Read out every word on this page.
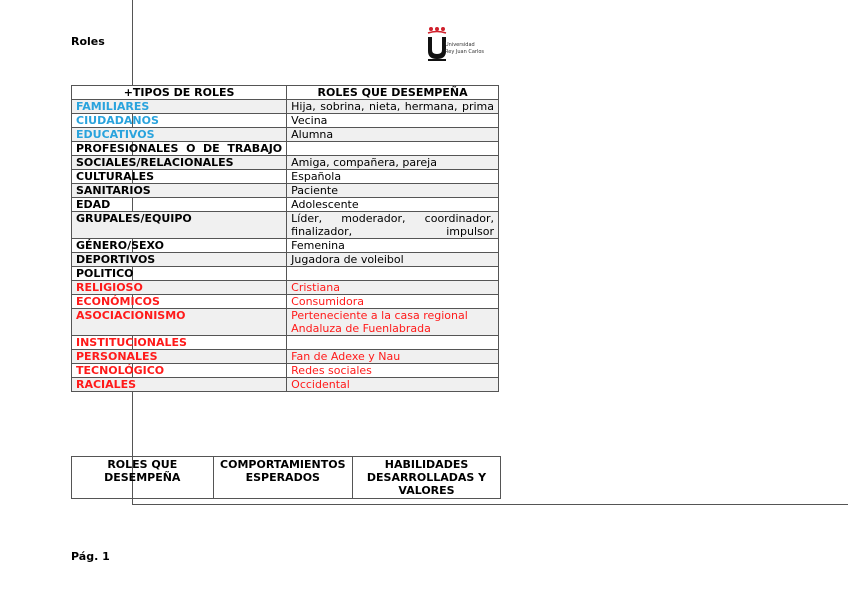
Roles	Universidad Rey Juan Carlos
+TIPOS DE ROLES	ROLES QUE DESEMPEÑA
FAMILIARES	Hija, sobrina, nieta, hermana, prima
CIUDADANOS	Vecina
EDUCATIVOS	Alumna
PROFESIONALES O DE TRABAJO	
SOCIALES/RELACIONALES	Amiga, compañera, pareja
CULTURALES	Española
SANITARIOS	Paciente
EDAD	Adolescente
GRUPALES/EQUIPO	Líder, moderador, coordinador, finalizador, impulsor
GÉNERO/SEXO	Femenina
DEPORTIVOS	Jugadora de voleibol
POLITICO	
RELIGIOSO	Cristiana
ECONÓMICOS	Consumidora
ASOCIACIONISMO	Perteneciente a la casa regional Andaluza de Fuenlabrada
INSTITUCIONALES	
PERSONALES	Fan de Adexe y Nau
TECNOLÓGICO	Redes sociales
RACIALES	Occidental
ROLES QUE DESEMPEÑA	COMPORTAMIENTOS ESPERADOS	HABILIDADES DESARROLLADAS Y VALORES
Pág. 1
